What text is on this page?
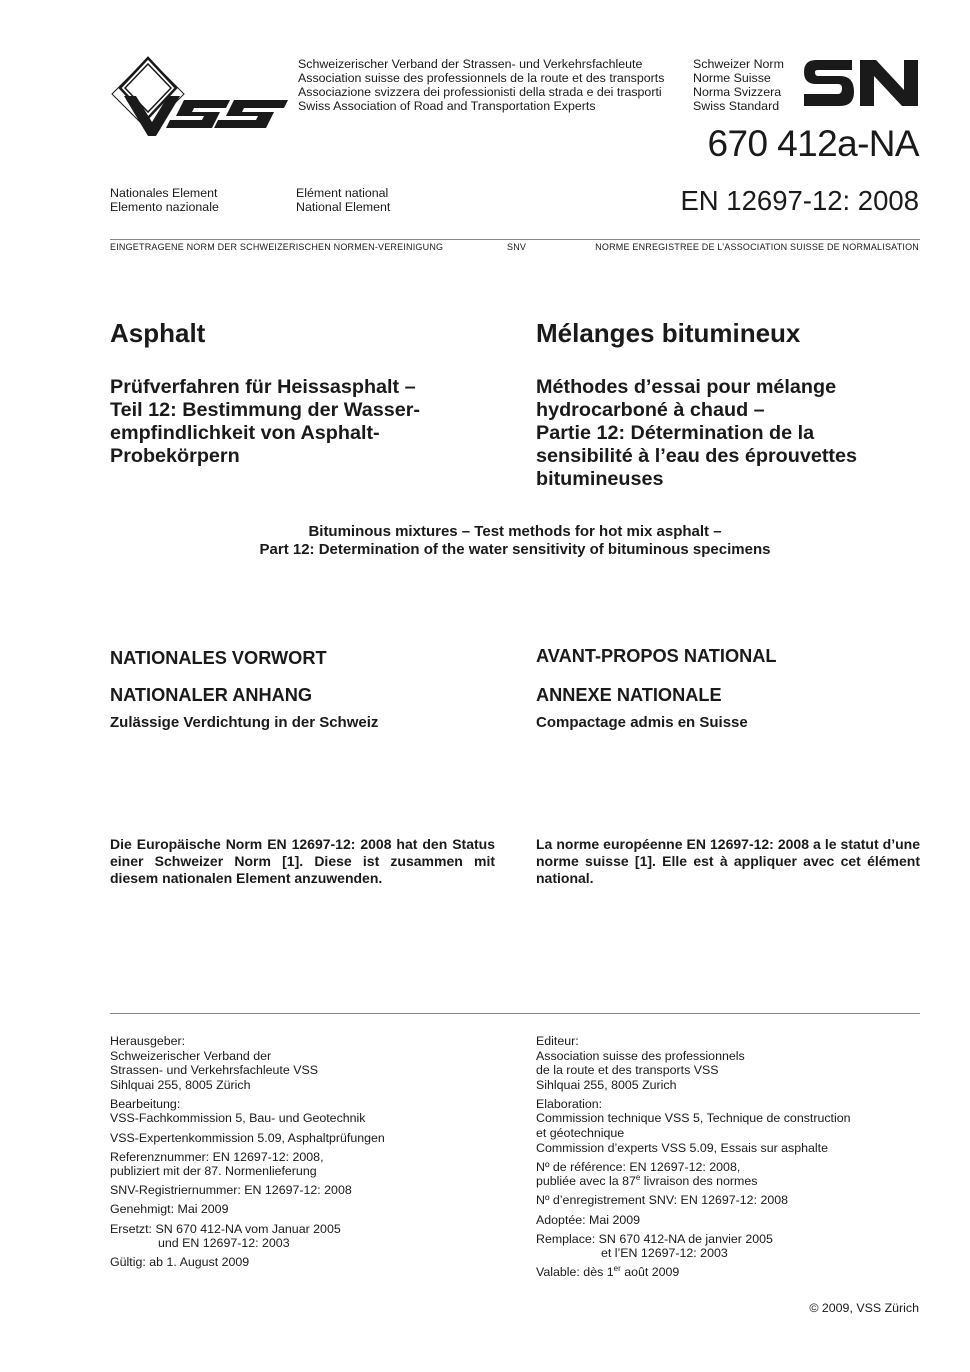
Schweizerischer Verband der Strassen- und Verkehrsfachleute
Association suisse des professionnels de la route et des transports
Associazione svizzera dei professionisti della strada e dei trasporti
Swiss Association of Road and Transportation Experts
Schweizer Norm
Norme Suisse
Norma Svizzera
Swiss Standard
670 412a-NA
EN 12697-12: 2008
Nationales Element
Elemento nazionale
Elément national
National Element
EINGETRAGENE NORM DER SCHWEIZERISCHEN NORMEN-VEREINIGUNG	SNV	NORME ENREGISTREE DE L’ASSOCIATION SUISSE DE NORMALISATION
Asphalt	Mélanges bitumineux
Prüfverfahren für Heissasphalt –
Teil 12: Bestimmung der Wasser-
empfindlichkeit von Asphalt-
Probekörpern
Méthodes d’essai pour mélange
hydrocarboné à chaud –
Partie 12: Détermination de la
sensibilité à l’eau des éprouvettes
bitumineuses
Bituminous mixtures – Test methods for hot mix asphalt –
Part 12: Determination of the water sensitivity of bituminous specimens
NATIONALES VORWORT	AVANT-PROPOS NATIONAL
NATIONALER ANHANG	ANNEXE NATIONALE
Zulässige Verdichtung in der Schweiz	Compactage admis en Suisse
Die Europäische Norm EN 12697-12: 2008 hat den Status einer Schweizer Norm [1]. Diese ist zusammen mit diesem nationalen Element anzuwenden.
La norme européenne EN 12697-12: 2008 a le statut d’une norme suisse [1]. Elle est à appliquer avec cet élément national.
Herausgeber:
Schweizerischer Verband der
Strassen- und Verkehrsfachleute VSS
Sihlquai 255, 8005 Zürich
Bearbeitung:
VSS-Fachkommission 5, Bau- und Geotechnik
VSS-Expertenkommission 5.09, Asphaltprüfungen
Referenznummer: EN 12697-12: 2008,
publiziert mit der 87. Normenlieferung
SNV-Registriernummer: EN 12697-12: 2008
Genehmigt: Mai 2009
Ersetzt: SN 670 412-NA vom Januar 2005
und EN 12697-12: 2003
Gültig: ab 1. August 2009
Editeur:
Association suisse des professionnels
de la route et des transports VSS
Sihlquai 255, 8005 Zurich
Elaboration:
Commission technique VSS 5, Technique de construction
et géotechnique
Commission d’experts VSS 5.09, Essais sur asphalte
Nº de référence: EN 12697-12: 2008,
publiée avec la 87e livraison des normes
Nº d’enregistrement SNV: EN 12697-12: 2008
Adoptée: Mai 2009
Remplace: SN 670 412-NA de janvier 2005
et l’EN 12697-12: 2003
Valable: dès 1er août 2009
© 2009, VSS Zürich
